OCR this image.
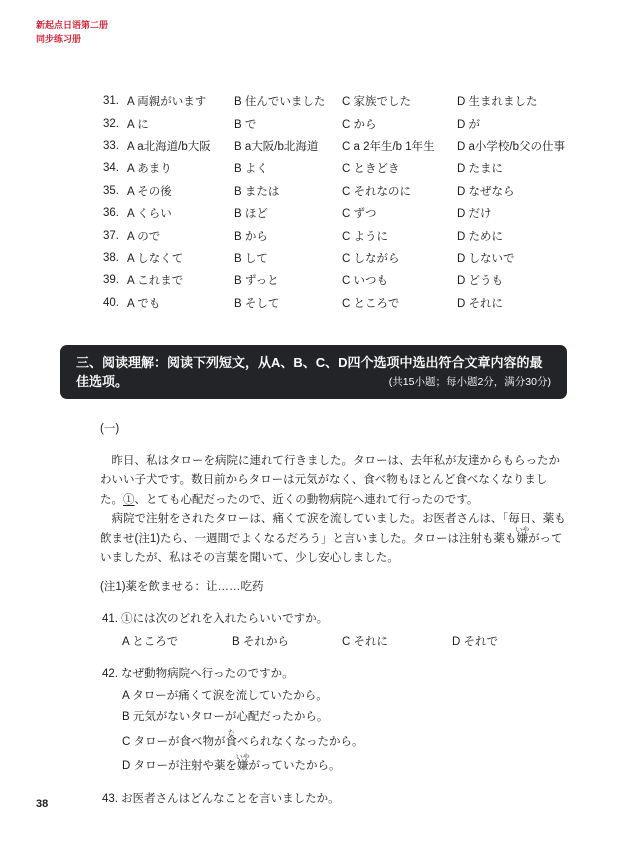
新起点日语第二册
同步练习册
31. A 両親がいます	B 住んでいました	C 家族でした	D 生まれました
32. A に	B で	C から	D が
33. A a北海道/b大阪	B a大阪/b北海道	C a 2年生/b 1年生	D a小学校/b父の仕事
34. A あまり	B よく	C ときどき	D たまに
35. A その後	B または	C それなのに	D なぜなら
36. A くらい	B ほど	C ずつ	D だけ
37. A ので	B から	C ように	D ために
38. A しなくて	B して	C しながら	D しないで
39. A これまで	B ずっと	C いつも	D どうも
40. A でも	B そして	C ところで	D それに
三、阅读理解：阅读下列短文，从A、B、C、D四个选项中选出符合文章内容的最佳选项。	(共15小题；每小题2分，满分30分)
(一)

昨日、私はタローを病院に連れて行きました。タローは、去年私が友達からもらったかわいい子犬です。数日前からタローは元気がなく、食べ物もほとんど食べなくなりました。①、とても心配だったので、近くの動物病院へ連れて行ったのです。

病院で注射をされたタローは、痛くて涙を流していました。お医者さんは、「毎日、薬も飲ませ(注1)たら、一週間でよくなるだろう」と言いました。タローは注射も薬も嫌いやがっていましたが、私はその言葉を聞いて、少し安心しました。

(注1)薬を飲ませる：让……吃药
41. ①には次のどれを入れたらいいですか。
A ところで	B それから	C それに	D それで
42. なぜ動物病院へ行ったのですか。
A タローが痛くて涙を流していたから。
B 元気がないタローが心配だったから。
C タローが食べ物が食たべられなくなったから。
D タローが注射や薬を嫌いやがっていたから。
43. お医者さんはどんなことを言いましたか。
38
